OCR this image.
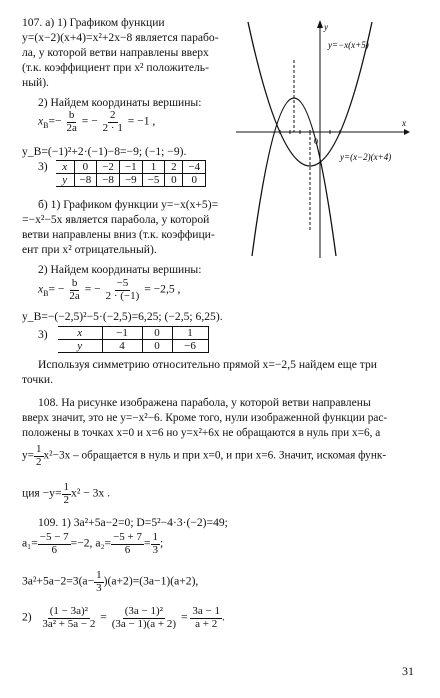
107. а) 1) Графиком функции
y=(x−2)(x+4)=x²+2x−8 является парабо-
ла, у которой ветви направлены вверх
(т.к. коэффициент при x² положитель-
ный).
2) Найдем координаты вершины:
$x_B=- \frac{b}{2a}$ = − $\frac{2}{2 \cdot 1} = -1$ ,
y_B=(−1)²+2·(−1)−8=−9; (−1; −9).
3) x	0	−2	−1	1	2	−4
y	−8	−8	−9	−5	0	0
б) 1) Графиком функции y=−x(x+5)=
=−x²−5x является парабола, у которой
ветви направлены вниз (т.к. коэффици-
ент при x² отрицательный).
2) Найдем координаты вершины:
$x_B= - \frac{b}{2a}$ = − $\frac{-5}{2 \cdot (-1)} = -2,5$ ,
y_B=−(−2,5)²−5·(−2,5)=6,25; (−2,5; 6,25).
3)	x	−1	0	1
y	4	0	−6
Используя симметрию относительно прямой x=−2,5 найдем еще три
точки.
y=−x(x+5)
y=(x−2)(x+4)
x
y
0
108. На рисунке изображена парабола, у которой ветви направлены
вверх значит, это не y=−x²−6. Кроме того, нули изображенной функции рас-
положены в точках x=0 и x=6 но y=x²+6x не обращаются в нуль при x=6, а
$y= \frac{1}{2} x^2-3x$ – обращается в нуль и при x=0, и при x=6. Значит, искомая функ-
ция $-y= \frac{1}{2} x^2 - 3x$ .
109. 1) 3a²+5a−2=0; D=5²−4·3·(−2)=49;
$a_1= \frac{-5 - 7}{6} =-2$, $a_2= \frac{-5 + 7}{6} = \frac{1}{3}$ ;
$3a^2+5a-2=3(a- \frac{1}{3} )(a+2)=(3a-1)(a+2)$,
$2) \frac{\text{(1 − 3a)²}}{\text{3a² + 5a − 2}} = \frac{\text{(3a − 1)²}}{(3a - 1)(a + 2)} = \frac{3a - 1}{a + 2}$ .
31
